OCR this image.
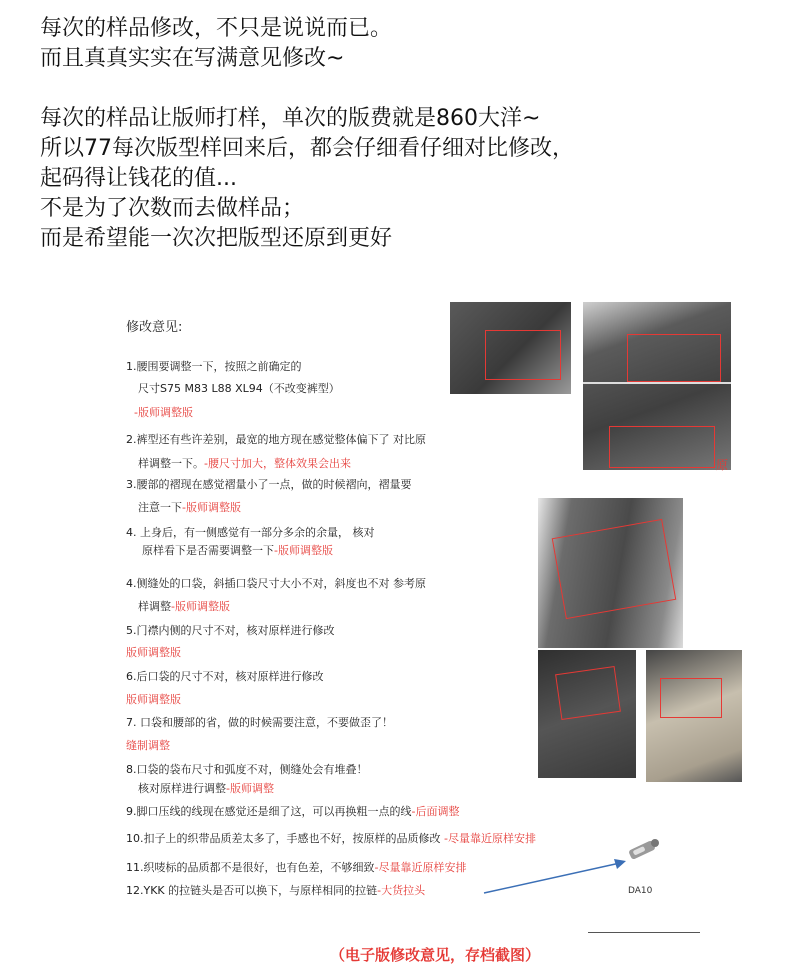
每次的样品修改，不只是说说而已。
而且真真实实在写满意见修改~
每次的样品让版师打样，单次的版费就是860大洋~
所以77每次版型样回来后，都会仔细看仔细对比修改，
起码得让钱花的值...
不是为了次数而去做样品；
而是希望能一次次把版型还原到更好
修改意见:
1.腰围要调整一下，按照之前确定的
尺寸S75 M83 L88 XL94（不改变裤型）
-版师调整版
2.裤型还有些许差别，最宽的地方现在感觉整体偏下了 对比原
样调整一下。-腰尺寸加大，整体效果会出来
3.腰部的褶现在感觉褶量小了一点，做的时候褶向，褶量要
注意一下-版师调整版
4. 上身后，有一侧感觉有一部分多余的余量， 核对
原样看下是否需要调整一下-版师调整版
4.侧缝处的口袋，斜插口袋尺寸大小不对，斜度也不对 参考原
样调整-版师调整版
5.门襟内侧的尺寸不对，核对原样进行修改
版师调整版
6.后口袋的尺寸不对，核对原样进行修改
版师调整版
7. 口袋和腰部的省，做的时候需要注意，不要做歪了！
缝制调整
8.口袋的袋布尺寸和弧度不对，侧缝处会有堆叠！
核对原样进行调整-版师调整
9.脚口压线的线现在感觉还是细了这，可以再换粗一点的线-后面调整
10.扣子上的织带品质差太多了，手感也不好，按原样的品质修改 -尽量靠近原样安排
11.织唛标的品质都不是很好，也有色差，不够细致-尽量靠近原样安排
12.YKK 的拉链头是否可以换下，与原样相同的拉链-大货拉头
原
DA10
（电子版修改意见，存档截图）
